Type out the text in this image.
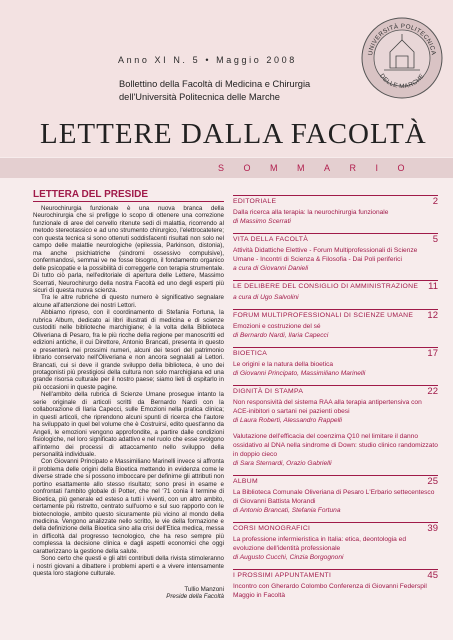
Anno XI N. 5 • Maggio 2008
Bollettino della Facoltà di Medicina e Chirurgia
dell'Università Politecnica delle Marche
LETTERE DALLA FACOLTÀ
UNIVERSITÀ POLITECNICA
DELLE MARCHE
SOMMARIO
LETTERA DEL PRESIDE

Neurochirurgia funzionale è una nuova branca della Neurochirurgia che si prefigge lo scopo di ottenere una correzione funzionale di aree del cervello ritenute sedi di malattia, ricorrendo al metodo stereotassico e ad uno strumento chirurgico, l'elettrocatetere; con questa tecnica si sono ottenuti soddisfacenti risultati non solo nel campo delle malattie neurologiche (epilessia, Parkinson, distonia), ma anche psichiatriche (sindromi ossessivo compulsive), confermandosi, semmai ve ne fosse bisogno, il fondamento organico delle psicopatie e la possibilità di correggerle con terapia strumentale. Di tutto ciò parla, nell'editoriale di apertura delle Lettere, Massimo Scerrati, Neurochirurgo della nostra Facoltà ed uno degli esperti più sicuri di questa nuova scienza.

Tra le altre rubriche di questo numero è significativo segnalare alcune all'attenzione dei nostri Lettori.

Abbiamo ripreso, con il coordinamento di Stefania Fortuna, la rubrica Album, dedicato ai libri illustrati di medicina e di scienze custoditi nelle biblioteche marchigiane; è la volta della Biblioteca Oliveriana di Pesaro, fra le più ricche della regione per manoscritti ed edizioni antiche, il cui Direttore, Antonio Brancati, presenta in questo e presenterà nei prossimi numeri, alcuni dei tesori del patrimonio librario conservato nell'Oliveriana e non ancora segnalati ai Lettori. Brancati, cui si deve il grande sviluppo della biblioteca, è uno dei protagonisti più prestigiosi della cultura non solo marchigiana ed una grande risorsa culturale per il nostro paese; siamo lieti di ospitarlo in più occasioni in queste pagine.

Nell'ambito della rubrica di Scienze Umane prosegue intanto la serie originale di articoli scritti da Bernardo Nardi con la collaborazione di Ilaria Capecci, sulle Emozioni nella pratica clinica; in questi articoli, che riprendono alcuni spunti di ricerca che l'autore ha sviluppato in quel bel volume che è Costruirsi, edito quest'anno da Angeli, le emozioni vengono approfondite, a partire dalle condizioni fisiologiche, nel loro significato adattivo e nel ruolo che esse svolgono all'interno dei processi di attaccamento nello sviluppo della personalità individuale.

Con Giovanni Principato e Massimiliano Marinelli invece si affronta il problema delle origini della Bioetica mettendo in evidenza come le diverse strade che si possono imboccare per definirne gli attributi non portino esattamente allo stesso risultato; sono presi in esame e confrontati l'ambito globale di Potter, che nel '71 conia il termine di Bioetica, più generale ed esteso a tutti i viventi, con un altro ambito, certamente più ristretto, centrato sull'uomo e sul suo rapporto con le biotecnologie, ambito questo sicuramente più vicino al mondo della medicina. Vengono analizzate nello scritto, le vie della formazione e della definizione della Bioetica sino alla crisi dell'Etica medica, messa in difficoltà dal progresso tecnologico, che ha reso sempre più complessa la decisione clinica e dagli aspetti economici che oggi caratterizzano la gestione della salute.

Sono certo che questi e gli altri contributi della rivista stimoleranno i nostri giovani a dibattere i problemi aperti e a vivere intensamente questa loro stagione culturale.

Tullio Manzoni
Preside della Facoltà
EDITORIALE	2
Dalla ricerca alla terapia: la neurochirurgia funzionale
di Massimo Scerrati
VITA DELLA FACOLTÀ	5
Attività Didattiche Elettive - Forum Multiprofessionali di Scienze Umane - Incontri di Scienza & Filosofia - Dai Poli periferici
a cura di Giovanni Danieli
LE DELIBERE DEL CONSIGLIO DI AMMINISTRAZIONE 11
a cura di Ugo Salvolini
FORUM MULTIPROFESSIONALI DI SCIENZE UMANE 12
Emozioni e costruzione del sé
di Bernardo Nardi, Ilaria Capecci
BIOETICA	17
Le origini e la natura della bioetica
di Giovanni Principato, Massimiliano Marinelli
DIGNITÀ DI STAMPA	22
Non responsività del sistema RAA alla terapia antipertensiva con ACE-inibitori o sartani nei pazienti obesi
di Laura Roberti, Alessandro Rappelli
Valutazione dell'efficacia del coenzima Q10 nel limitare il danno ossidativo al DNA nella sindrome di Down: studio clinico randomizzato in doppio cieco
di Sara Sternardi, Orazio Gabrielli
ALBUM	25
La Biblioteca Comunale Oliveriana di Pesaro L'Erbario settecentesco di Giovanni Battista Morandi
di Antonio Brancati, Stefania Fortuna
CORSI MONOGRAFICI	39
La professione infermieristica in Italia: etica, deontologia ed evoluzione dell'identità professionale
di Augusto Cucchi, Cinzia Borgognoni
I PROSSIMI APPUNTAMENTI	45
Incontro con Gherardo Colombo Conferenza di Giovanni Federspil Maggio in Facoltà
